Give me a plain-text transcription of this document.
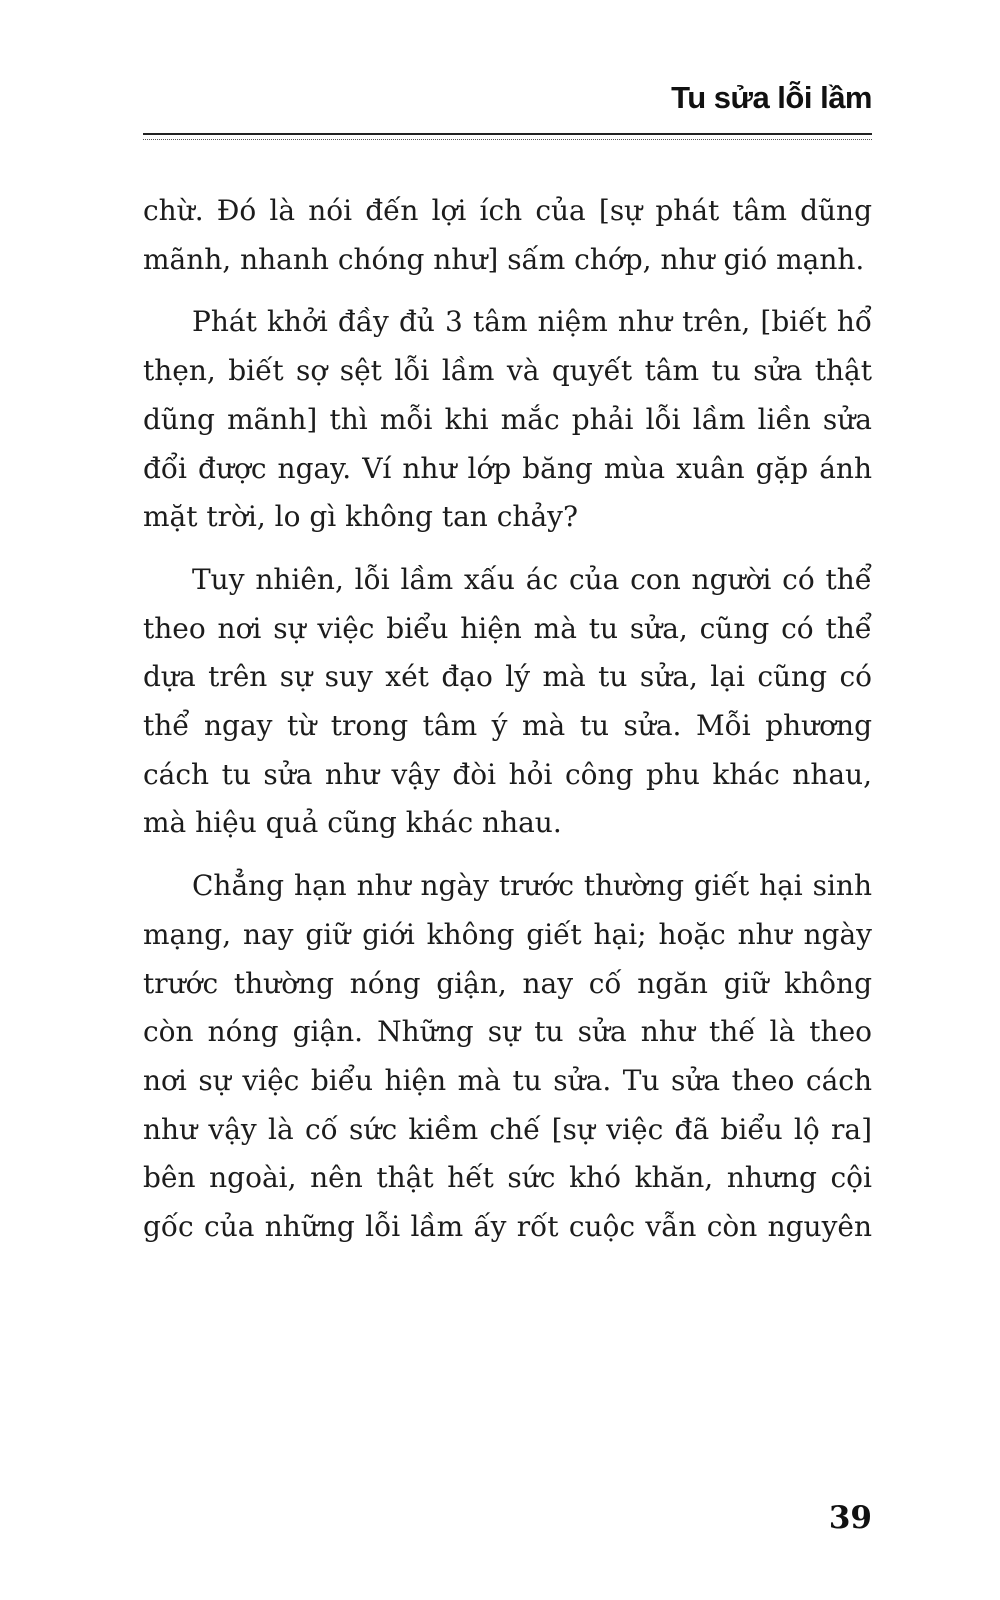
Tu sửa lỗi lầm

chừ. Đó là nói đến lợi ích của [sự phát tâm dũng mãnh, nhanh chóng như] sấm chớp, như gió mạnh.

Phát khởi đầy đủ 3 tâm niệm như trên, [biết hổ thẹn, biết sợ sệt lỗi lầm và quyết tâm tu sửa thật dũng mãnh] thì mỗi khi mắc phải lỗi lầm liền sửa đổi được ngay. Ví như lớp băng mùa xuân gặp ánh mặt trời, lo gì không tan chảy?

Tuy nhiên, lỗi lầm xấu ác của con người có thể theo nơi sự việc biểu hiện mà tu sửa, cũng có thể dựa trên sự suy xét đạo lý mà tu sửa, lại cũng có thể ngay từ trong tâm ý mà tu sửa. Mỗi phương cách tu sửa như vậy đòi hỏi công phu khác nhau, mà hiệu quả cũng khác nhau.

Chẳng hạn như ngày trước thường giết hại sinh mạng, nay giữ giới không giết hại; hoặc như ngày trước thường nóng giận, nay cố ngăn giữ không còn nóng giận. Những sự tu sửa như thế là theo nơi sự việc biểu hiện mà tu sửa. Tu sửa theo cách như vậy là cố sức kiềm chế [sự việc đã biểu lộ ra] bên ngoài, nên thật hết sức khó khăn, nhưng cội gốc của những lỗi lầm ấy rốt cuộc vẫn còn nguyên

39
